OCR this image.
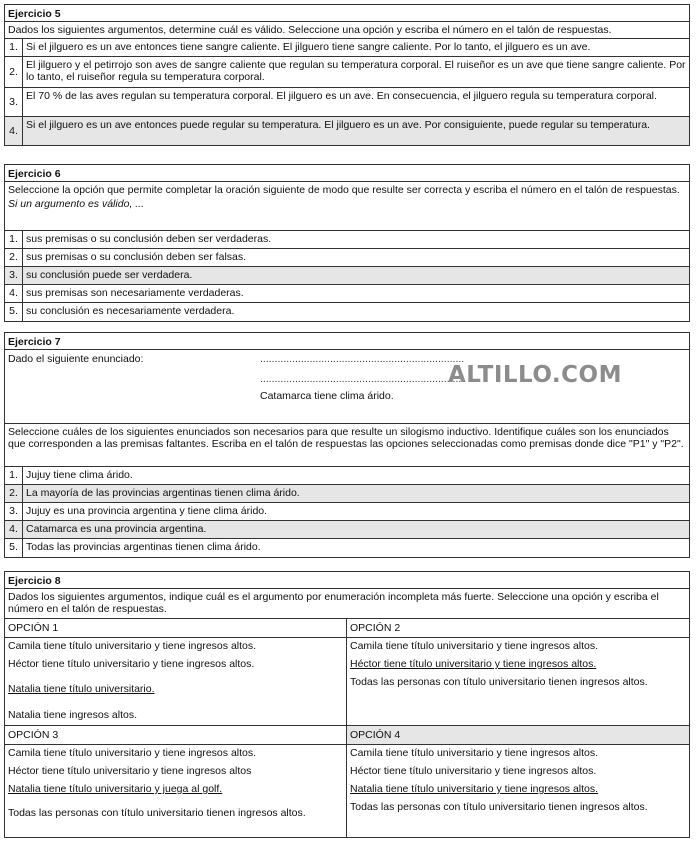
Ejercicio 5
Dados los siguientes argumentos, determine cuál es válido. Seleccione una opción y escriba el número en el talón de respuestas.
1. Si el jilguero es un ave entonces tiene sangre caliente. El jilguero tiene sangre caliente. Por lo tanto, el jilguero es un ave.
2.
El jilguero y el petirrojo son aves de sangre caliente que regulan su temperatura corporal. El ruiseñor es un ave que tiene sangre caliente. Por lo tanto, el ruiseñor regula su temperatura corporal.
3. El 70 % de las aves regulan su temperatura corporal. El jilguero es un ave. En consecuencia, el jilguero regula su temperatura corporal.
4. Si el jilguero es un ave entonces puede regular su temperatura. El jilguero es un ave. Por consiguiente, puede regular su temperatura.
Ejercicio 6
Seleccione la opción que permite completar la oración siguiente de modo que resulte ser correcta y escriba el número en el talón de respuestas.
Si un argumento es válido, ...
1. sus premisas o su conclusión deben ser verdaderas.
2. sus premisas o su conclusión deben ser falsas.
3. su conclusión puede ser verdadera.
4. sus premisas son necesariamente verdaderas.
5. su conclusión es necesariamente verdadera.
Ejercicio 7
Dado el siguiente enunciado:	......................................................................
......................................................................
Catamarca tiene clima árido.
Seleccione cuáles de los siguientes enunciados son necesarios para que resulte un silogismo inductivo. Identifique cuáles son los enunciados que corresponden a las premisas faltantes. Escriba en el talón de respuestas las opciones seleccionadas como premisas donde dice "P1" y "P2".
1. Jujuy tiene clima árido.
2. La mayoría de las provincias argentinas tienen clima árido.
3. Jujuy es una provincia argentina y tiene clima árido.
4. Catamarca es una provincia argentina.
5. Todas las provincias argentinas tienen clima árido.
ALTILLO.COM
Ejercicio 8
Dados los siguientes argumentos, indique cuál es el argumento por enumeración incompleta más fuerte. Seleccione una opción y escriba el número en el talón de respuestas.
OPCIÓN 1
Camila tiene título universitario y tiene ingresos altos.
Héctor tiene título universitario y tiene ingresos altos.
Natalia tiene título universitario.
Natalia tiene ingresos altos.
OPCIÓN 2
Camila tiene título universitario y tiene ingresos altos.
Héctor tiene título universitario y tiene ingresos altos.
Todas las personas con título universitario tienen ingresos altos.
OPCIÓN 3
Camila tiene título universitario y tiene ingresos altos.
Héctor tiene título universitario y tiene ingresos altos
Natalia tiene título universitario y juega al golf.
Todas las personas con título universitario tienen ingresos altos.
OPCIÓN 4
Camila tiene título universitario y tiene ingresos altos.
Héctor tiene título universitario y tiene ingresos altos.
Natalia tiene título universitario y tiene ingresos altos.
Todas las personas con título universitario tienen ingresos altos.
